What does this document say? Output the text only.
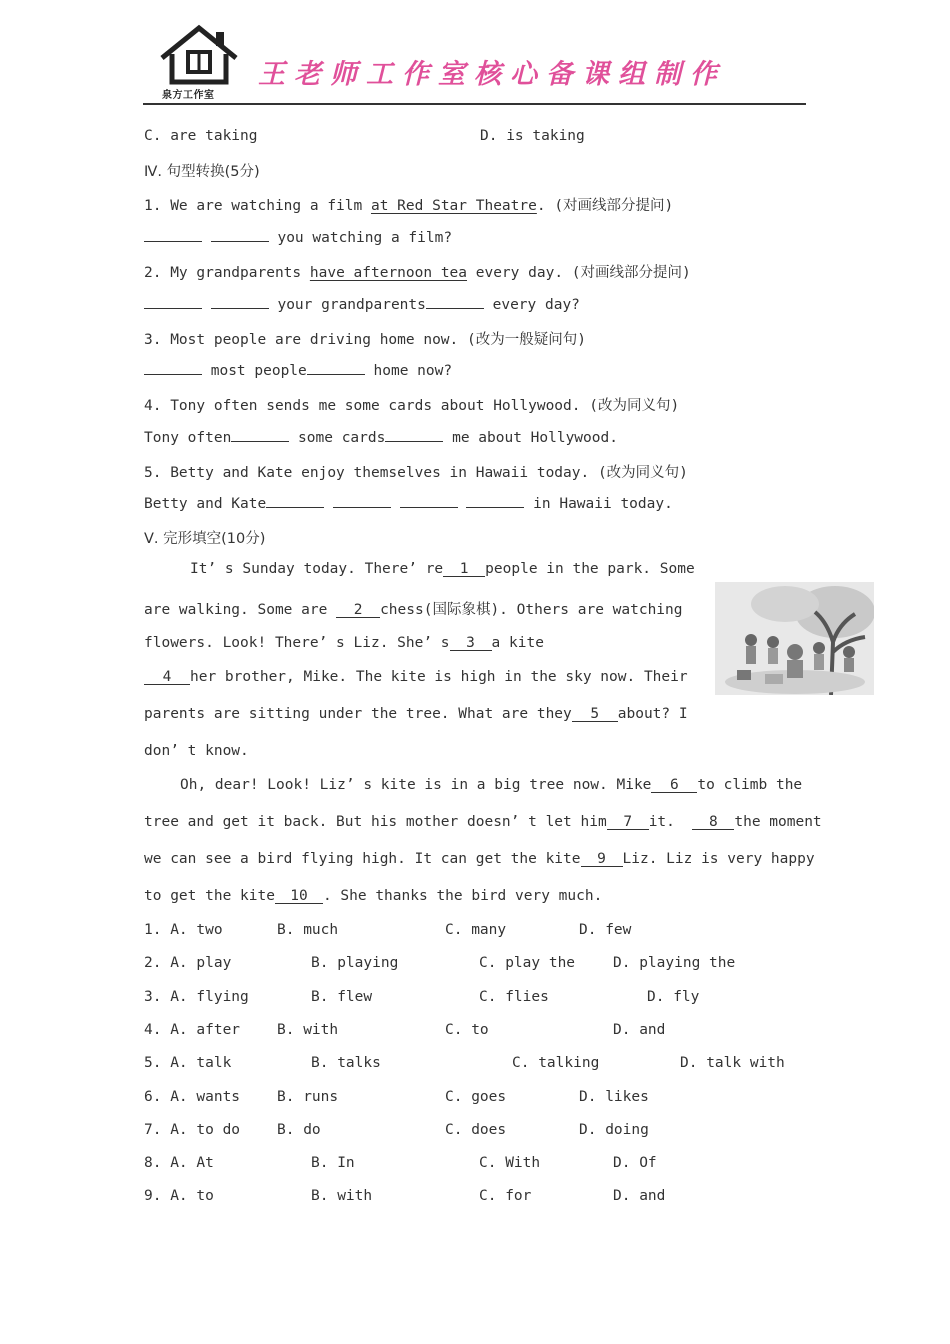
泉方工作室
王老师工作室核心备课组制作
C. are taking	D. is taking
Ⅳ. 句型转换(5分)
1. We are watching a film at Red Star Theatre. (对画线部分提问)
you watching a film?
2. My grandparents have afternoon tea every day. (对画线部分提问)
your grandparents	every day?
3. Most people are driving home now. (改为一般疑问句)
most people	home now?
4. Tony often sends me some cards about Hollywood. (改为同义句)
Tony often	some cards	me about Hollywood.
5. Betty and Kate enjoy themselves in Hawaii today. (改为同义句)
Betty and Kate	in Hawaii today.
Ⅴ. 完形填空(10分)
It’ s Sunday today. There’ re 1 people in the park. Some
are walking. Some are 2 chess(国际象棋). Others are watching
flowers. Look! There’ s Liz. She’ s 3 a kite
4 her brother, Mike. The kite is high in the sky now. Their
parents are sitting under the tree. What are they 5 about? I
don’ t know.
Oh, dear! Look! Liz’ s kite is in a big tree now. Mike 6 to climb the
tree and get it back. But his mother doesn’ t let him 7 it. 8 the moment
we can see a bird flying high. It can get the kite 9 Liz. Liz is very happy
to get the kite 10 . She thanks the bird very much.
1. A. two	B. much	C. many	D. few
2. A. play	B. playing	C. play the	D. playing the
3. A. flying	B. flew	C. flies	D. fly
4. A. after	B. with	C. to	D. and
5. A. talk	B. talks	C. talking	D. talk with
6. A. wants	B. runs	C. goes	D. likes
7. A. to do	B. do	C. does	D. doing
8. A. At	B. In	C. With	D. Of
9. A. to	B. with	C. for	D. and
